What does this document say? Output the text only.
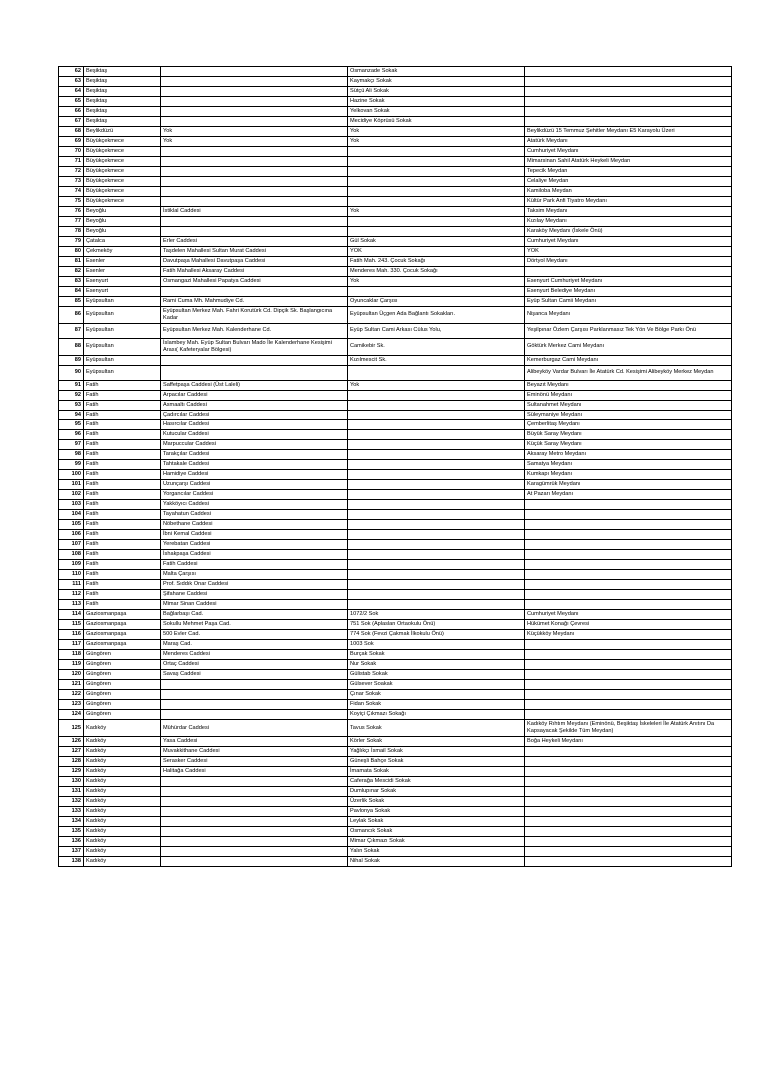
62	Beşiktaş		Osmanzade Sokak	
63	Beşiktaş		Kaymakçı Sokak	
64	Beşiktaş		Sütçü Ali Sokak	
65	Beşiktaş		Hazine Sokak	
66	Beşiktaş		Yelkovan Sokak	
67	Beşiktaş		Mecidiye Köprüsü Sokak	
68	Beylikdüzü	Yok	Yok	Beylikdüzü 15 Temmuz Şehitler Meydanı E5 Karayolu Üzeri
69	Büyükçekmece	Yok	Yok	Atatürk Meydanı
70	Büyükçekmece			Cumhuriyet Meydanı
71	Büyükçekmece			Mimarsinan Sahil Atatürk Heykeli Meydan
72	Büyükçekmece			Tepecik Meydan
73	Büyükçekmece			Celaliye Meydan
74	Büyükçekmece			Kamiloba Meydan
75	Büyükçekmece			Kültür Park Anfi Tiyatro Meydanı
76	Beyoğlu	İstiklal Caddesi	Yok	Taksim Meydanı
77	Beyoğlu			Kızılay Meydanı
78	Beyoğlu			Karaköy Meydanı (İskele Önü)
79	Çatalca	Erler Caddesi	Gül Sokak	Cumhuriyet Meydanı
80	Çekmeköy	Taşdelen Mahallesi Sultan Murat Caddesi	YOK	YOK
81	Esenler	Davutpaşa Mahallesi Davutpaşa Caddesi	Fatih Mah. 243. Çocuk Sokağı	Dörtyol Meydanı
82	Esenler	Fatih Mahallesi Aksaray Caddesi	Menderes Mah. 330. Çocuk Sokağı	
83	Esenyurt	Osmangazi Mahallesi Papatya Caddesi	Yok	Esenyurt Cumhuriyet Meydanı
84	Esenyurt			Esenyurt Belediye Meydanı
85	Eyüpsultan	Rami Cuma Mh. Mahmudiye Cd.	Oyuncaklar Çarşısı	Eyüp Sultan Camii Meydanı
86	Eyüpsultan	Eyüpsultan Merkez Mah. Fahri Korutürk Cd. Dipçik Sk. Başlangıcına Kadar	Eyüpsultan Üçgen Ada Bağlantı Sokakları.	Nişanca Meydanı
87	Eyüpsultan	Eyüpsultan Merkez Mah. Kalenderhane Cd.	Eyüp Sultan Cami Arkası Cülus Yolu,	Yeşilpınar Özlem Çarşısı Parklanmasız Tek Yön Ve Bölge Parkı Önü
88	Eyüpsultan	İslambey Mah. Eyüp Sultan Bulvarı Mado İle Kalenderhane Kesişimi Arası( Kafeteryalar Bölgesi)	Camikebir Sk.	Göktürk Merkez Cami Meydanı
89	Eyüpsultan		Kızılmescit Sk.	Kemerburgaz Cami Meydanı
90	Eyüpsultan			Alibeyköy Vardar Bulvarı İle Atatürk Cd. Kesişimi Alibeyköy Merkez Meydan
91	Fatih	Saffetpaşa Caddesi (Üst Laleli)	Yok	Beyazıt Meydanı
92	Fatih	Arpacılar Caddesi		Eminönü Meydanı
93	Fatih	Asmaaltı Caddesi		Sultanahmet Meydanı
94	Fatih	Çadırcılar Caddesi		Süleymaniye Meydanı
95	Fatih	Hasırcılar Caddesi		Çemberlitaş Meydanı
96	Fatih	Kutucular Caddesi		Büyük Saray Meydanı
97	Fatih	Marpuccular Caddesi		Küçük Saray Meydanı
98	Fatih	Tarakçılar Caddesi		Aksaray Metro Meydanı
99	Fatih	Tahtakale Caddesi		Samatya Meydanı
100	Fatih	Hamidiye Caddesi		Kumkapı Meydanı
101	Fatih	Uzunçarşı Caddesi		Karagümrük Meydanı
102	Fatih	Yorgancılar Caddesi		At Pazarı Meydanı
103	Fatih	Yakköyıcı Caddesi		
104	Fatih	Tayahatun Caddesi		
105	Fatih	Nöbethane Caddesi		
106	Fatih	İbni Kemal Caddesi		
107	Fatih	Yerebatan Caddesi		
108	Fatih	İshakpaşa Caddesi		
109	Fatih	Fatih Caddesi		
110	Fatih	Malta Çarşısı		
111	Fatih	Prof. Sıddık Onar Caddesi		
112	Fatih	Şifahane Caddesi		
113	Fatih	Mimar Sinan Caddesi		
114	Gaziosmanpaşa	Bağlarbaşı Cad.	1072/2 Sok	Cumhuriyet Meydanı
115	Gaziosmanpaşa	Sokullu Mehmet Paşa Cad.	751 Sok (Aplaslan Ortaokulu Önü)	Hükümet Konağı Çevresi
116	Gaziosmanpaşa	500 Evler Cad.	774 Sok (Fevzi Çakmak İlkokulu Önü)	Küçükköy Meydanı
117	Gaziosmanpaşa	Maraş Cad.	1003 Sok	
118	Güngören	Menderes Caddesi	Burçak Sokak	
119	Güngören	Ortaç Caddesi	Nur Sokak	
120	Güngören	Savaş Caddesi	Gülistab Sokak	
121	Güngören		Gülsever Soakak	
122	Güngören		Çınar Sokak	
123	Güngören		Fidan Sokak	
124	Güngören		Koyiçi Çıkmazı Sokağı	
125	Kadıköy	Mühürdar Caddesi	Tavus Sokak	Kadıköy Rıhtım Meydanı (Eminönü, Beşiktaş İskeleleri İle Atatürk Anıtını Da Kapsayacak Şekilde Tüm Meydan)
126	Kadıköy	Yasa Caddesi	Körler Sokak	Boğa Heykeli Meydanı
127	Kadıköy	Muvakkithane Caddesi	Yağlıkçı İsmail Sokak	
128	Kadıköy	Serasker Caddesi	Güneşli Bahçe Sokak	
129	Kadıköy	Halitağa Caddesi	İmamata Sokak	
130	Kadıköy		Caferağa Mescidi Sokak	
131	Kadıköy		Dumlupınar Sokak	
132	Kadıköy		Üzerlik Sokak	
133	Kadıköy		Pavlonya Sokak	
134	Kadıköy		Leylak Sokak	
135	Kadıköy		Osmancık Sokak	
136	Kadıköy		Mimar Çıkmazı Sokak	
137	Kadıköy		Yalın Sokak	
138	Kadıköy		Nihal Sokak	
